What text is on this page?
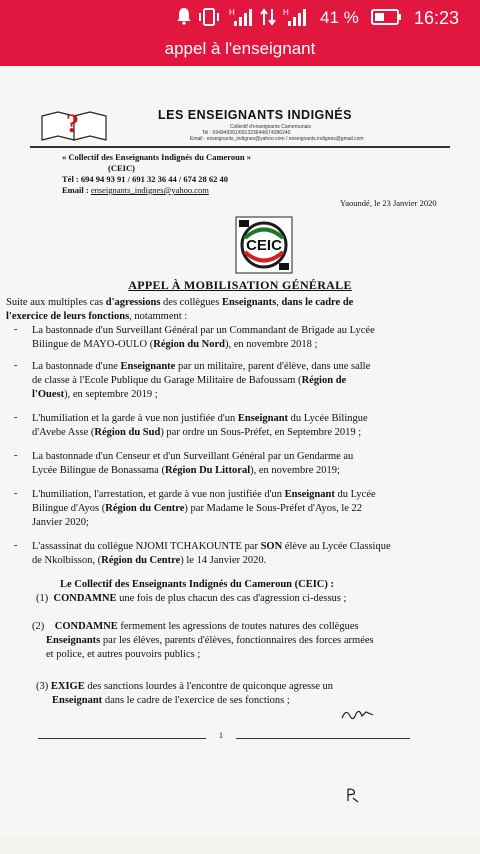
H	H 41 %	16:23
appel à l'enseignant
?	LES ENSEIGNANTS INDIGNÉS
Collectif d'enseignants Camerounais
Tel : 694949391/691323644/674286240
Email : enseignants_indignes@yahoo.com / enseignants.indignes@gmail.com
« Collectif des Enseignants Indignés du Cameroun »
(CEIC)
Tél : 694 94 93 91 / 691 32 36 44 / 674 28 62 40
Email : enseignants_indignes@yahoo.com
Yaoundé, le 23 Janvier 2020
CEIC
APPEL À MOBILISATION GÉNÉRALE
Suite aux multiples cas d'agressions des collègues Enseignants, dans le cadre de
l'exercice de leurs fonctions, notamment :
- La bastonnade d'un Surveillant Général par un Commandant de Brigade au Lycée
Bilingue de MAYO-OULO (Région du Nord), en novembre 2018 ;
- La bastonnade d'une Enseignante par un militaire, parent d'élève, dans une salle
de classe à l'Ecole Publique du Garage Militaire de Bafoussam (Région de
l'Ouest), en septembre 2019 ;
- L'humiliation et la garde à vue non justifiée d'un Enseignant du Lycée Bilingue
d'Avebe Asse (Région du Sud) par ordre un Sous-Préfet, en Septembre 2019 ;
- La bastonnade d'un Censeur et d'un Surveillant Général par un Gendarme au
Lycée Bilingue de Bonassama (Région Du Littoral), en novembre 2019;
- L'humiliation, l'arrestation, et garde à vue non justifiée d'un Enseignant du Lycée
Bilingue d'Ayos (Région du Centre) par Madame le Sous-Préfet d'Ayos, le 22
Janvier 2020;
- L'assassinat du collègue NJOMI TCHAKOUNTE par SON élève au Lycée Classique
de Nkolbisson, (Région du Centre) le 14 Janvier 2020.
Le Collectif des Enseignants Indignés du Cameroun (CEIC) :
(1) CONDAMNE une fois de plus chacun des cas d'agression ci-dessus ;
(2) CONDAMNE fermement les agressions de toutes natures des collègues
Enseignants par les élèves, parents d'élèves, fonctionnaires des forces armées
et police, et autres pouvoirs publics ;
(3) EXIGE des sanctions lourdes à l'encontre de quiconque agresse un
Enseignant dans le cadre de l'exercice de ses fonctions ;
1
